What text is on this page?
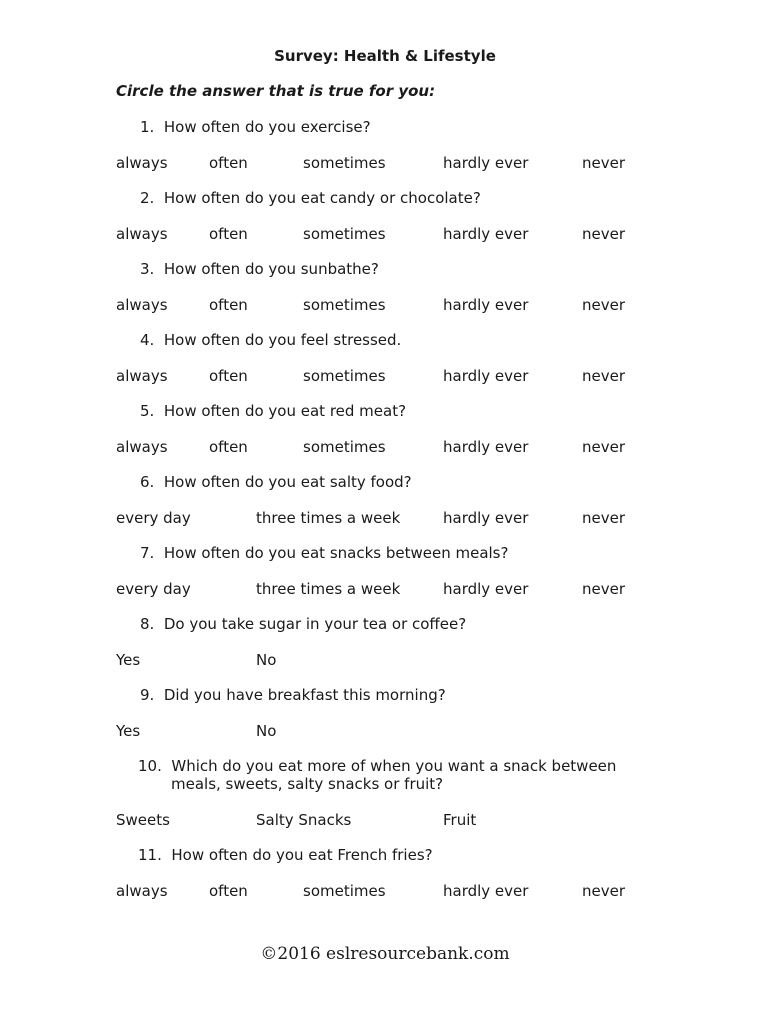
Survey: Health & Lifestyle
Circle the answer that is true for you:
1.  How often do you exercise?
always	often	sometimes	hardly ever	never
2.  How often do you eat candy or chocolate?
always	often	sometimes	hardly ever	never
3.  How often do you sunbathe?
always	often	sometimes	hardly ever	never
4.  How often do you feel stressed.
always	often	sometimes	hardly ever	never
5.  How often do you eat red meat?
always	often	sometimes	hardly ever	never
6.  How often do you eat salty food?
every day	three times a week	hardly ever	never
7.  How often do you eat snacks between meals?
every day	three times a week	hardly ever	never
8.  Do you take sugar in your tea or coffee?
Yes	No
9.  Did you have breakfast this morning?
Yes	No
10.  Which do you eat more of when you want a snack between
meals, sweets, salty snacks or fruit?
Sweets	Salty Snacks	Fruit
11.  How often do you eat French fries?
always	often	sometimes	hardly ever	never
©2016 eslresourcebank.com
